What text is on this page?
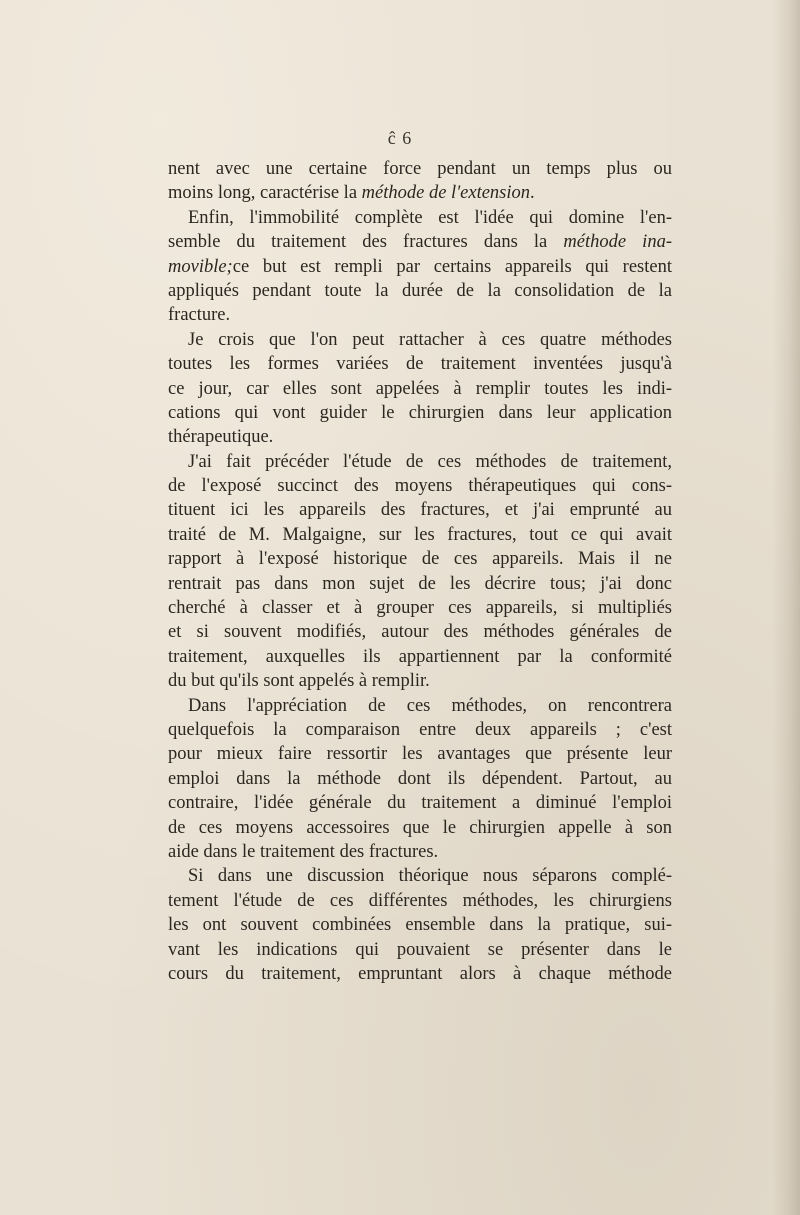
ĉ 6
nent avec une certaine force pendant un temps plus ou
moins long, caractérise la méthode de l'extension.
Enfin, l'immobilité complète est l'idée qui domine l'en-
semble du traitement des fractures dans la méthode ina-
movible;ce but est rempli par certains appareils qui restent
appliqués pendant toute la durée de la consolidation de la
fracture.
Je crois que l'on peut rattacher à ces quatre méthodes
toutes les formes variées de traitement inventées jusqu'à
ce jour, car elles sont appelées à remplir toutes les indi-
cations qui vont guider le chirurgien dans leur application
thérapeutique.
J'ai fait précéder l'étude de ces méthodes de traitement,
de l'exposé succinct des moyens thérapeutiques qui cons-
tituent ici les appareils des fractures, et j'ai emprunté au
traité de M. Malgaigne, sur les fractures, tout ce qui avait
rapport à l'exposé historique de ces appareils. Mais il ne
rentrait pas dans mon sujet de les décrire tous; j'ai donc
cherché à classer et à grouper ces appareils, si multipliés
et si souvent modifiés, autour des méthodes générales de
traitement, auxquelles ils appartiennent par la conformité
du but qu'ils sont appelés à remplir.
Dans l'appréciation de ces méthodes, on rencontrera
quelquefois la comparaison entre deux appareils ; c'est
pour mieux faire ressortir les avantages que présente leur
emploi dans la méthode dont ils dépendent. Partout, au
contraire, l'idée générale du traitement a diminué l'emploi
de ces moyens accessoires que le chirurgien appelle à son
aide dans le traitement des fractures.
Si dans une discussion théorique nous séparons complé-
tement l'étude de ces différentes méthodes, les chirurgiens
les ont souvent combinées ensemble dans la pratique, sui-
vant les indications qui pouvaient se présenter dans le
cours du traitement, empruntant alors à chaque méthode
